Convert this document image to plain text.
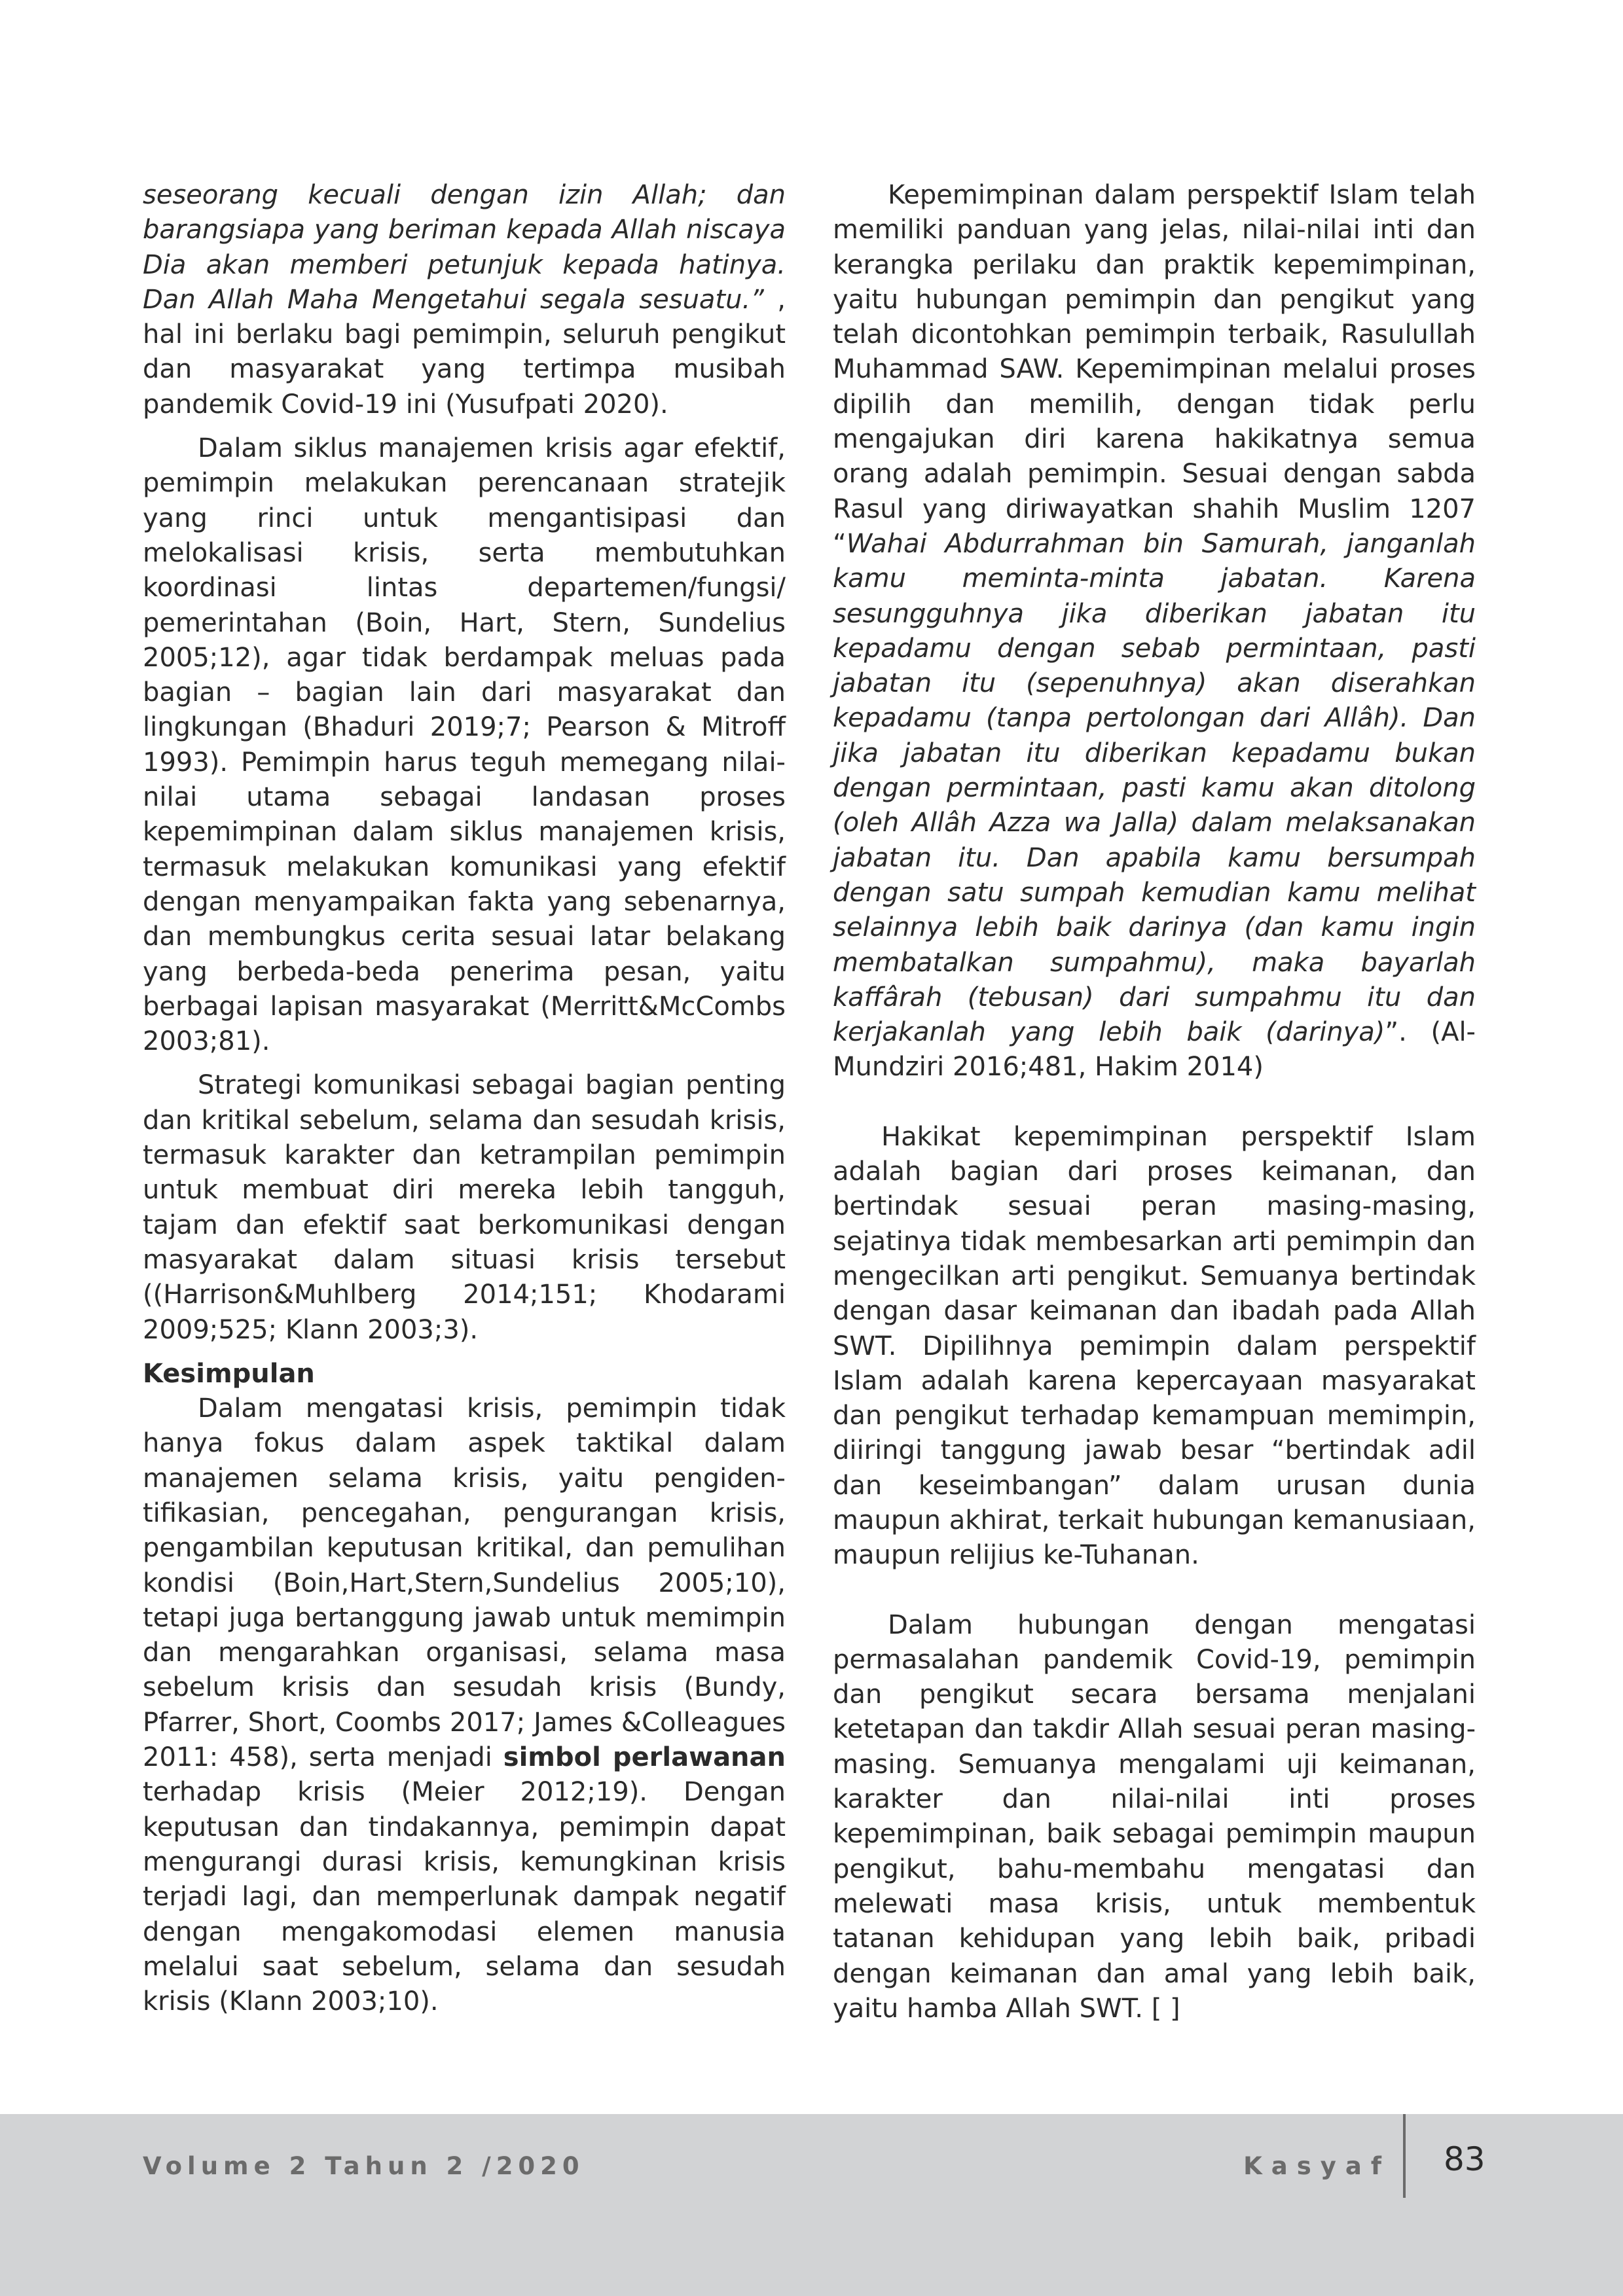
seseorang kecuali dengan izin Allah; dan barangsiapa yang beriman kepada Allah niscaya Dia akan memberi petunjuk kepada hatinya. Dan Allah Maha Mengetahui segala sesuatu.” , hal ini berlaku bagi pemimpin, seluruh pengikut dan masyarakat yang tertimpa musibah pandemik Covid-19 ini (Yusufpati 2020).

Dalam siklus manajemen krisis agar efektif, pemimpin melakukan perencanaan stratejik yang rinci untuk mengantisipasi dan melokalisasi krisis, serta membutuhkan koordinasi lintas departemen/fungsi/ pemerintahan (Boin, Hart, Stern, Sundelius 2005;12), agar tidak berdampak meluas pada bagian – bagian lain dari masyarakat dan lingkungan (Bhaduri 2019;7; Pearson & Mitroff 1993). Pemimpin harus teguh memegang nilai-nilai utama sebagai landasan proses kepemimpinan dalam siklus manajemen krisis, termasuk melakukan komunikasi yang efektif dengan menyampaikan fakta yang sebenarnya, dan membungkus cerita sesuai latar belakang yang berbeda-beda penerima pesan, yaitu berbagai lapisan masyarakat (Merritt&McCombs 2003;81).

Strategi komunikasi sebagai bagian penting dan kritikal sebelum, selama dan sesudah krisis, termasuk karakter dan ketrampilan pemimpin untuk membuat diri mereka lebih tangguh, tajam dan efektif saat berkomunikasi dengan masyarakat dalam situasi krisis tersebut ((Harrison&Muhlberg 2014;151; Khodarami 2009;525; Klann 2003;3).

Kesimpulan

Dalam mengatasi krisis, pemimpin tidak hanya fokus dalam aspek taktikal dalam manajemen selama krisis, yaitu pengiden-tifikasian, pencegahan, pengurangan krisis, pengambilan keputusan kritikal, dan pemulihan kondisi (Boin,Hart,Stern,Sundelius 2005;10), tetapi juga bertanggung jawab untuk memimpin dan mengarahkan organisasi, selama masa sebelum krisis dan sesudah krisis (Bundy, Pfarrer, Short, Coombs 2017; James &Colleagues 2011: 458), serta menjadi simbol perlawanan terhadap krisis (Meier 2012;19). Dengan keputusan dan tindakannya, pemimpin dapat mengurangi durasi krisis, kemungkinan krisis terjadi lagi, dan memperlunak dampak negatif dengan mengakomodasi elemen manusia melalui saat sebelum, selama dan sesudah krisis (Klann 2003;10).

Kepemimpinan dalam perspektif Islam telah memiliki panduan yang jelas, nilai-nilai inti dan kerangka perilaku dan praktik kepemimpinan, yaitu hubungan pemimpin dan pengikut yang telah dicontohkan pemimpin terbaik, Rasulullah Muhammad SAW. Kepemimpinan melalui proses dipilih dan memilih, dengan tidak perlu mengajukan diri karena hakikatnya semua orang adalah pemimpin. Sesuai dengan sabda Rasul yang diriwayatkan shahih Muslim 1207 “Wahai Abdurrahman bin Samurah, janganlah kamu meminta-minta jabatan. Karena sesungguhnya jika diberikan jabatan itu kepadamu dengan sebab permintaan, pasti jabatan itu (sepenuhnya) akan diserahkan kepadamu (tanpa pertolongan dari Allâh). Dan jika jabatan itu diberikan kepadamu bukan dengan permintaan, pasti kamu akan ditolong (oleh Allâh Azza wa Jalla) dalam melaksanakan jabatan itu. Dan apabila kamu bersumpah dengan satu sumpah kemudian kamu melihat selainnya lebih baik darinya (dan kamu ingin membatalkan sumpahmu), maka bayarlah kaffârah (tebusan) dari sumpahmu itu dan kerjakanlah yang lebih baik (darinya)”. (Al-Mundziri 2016;481, Hakim 2014)

Hakikat kepemimpinan perspektif Islam adalah bagian dari proses keimanan, dan bertindak sesuai peran masing-masing, sejatinya tidak membesarkan arti pemimpin dan mengecilkan arti pengikut. Semuanya bertindak dengan dasar keimanan dan ibadah pada Allah SWT. Dipilihnya pemimpin dalam perspektif Islam adalah karena kepercayaan masyarakat dan pengikut terhadap kemampuan memimpin, diiringi tanggung jawab besar “bertindak adil dan keseimbangan” dalam urusan dunia maupun akhirat, terkait hubungan kemanusiaan, maupun relijius ke-Tuhanan.

Dalam hubungan dengan mengatasi permasalahan pandemik Covid-19, pemimpin dan pengikut secara bersama menjalani ketetapan dan takdir Allah sesuai peran masing-masing. Semuanya mengalami uji keimanan, karakter dan nilai-nilai inti proses kepemimpinan, baik sebagai pemimpin maupun pengikut, bahu-membahu mengatasi dan melewati masa krisis, untuk membentuk tatanan kehidupan yang lebih baik, pribadi dengan keimanan dan amal yang lebih baik, yaitu hamba Allah SWT. [ ]

Volume 2 Tahun 2 /2020	Kasyaf 83
